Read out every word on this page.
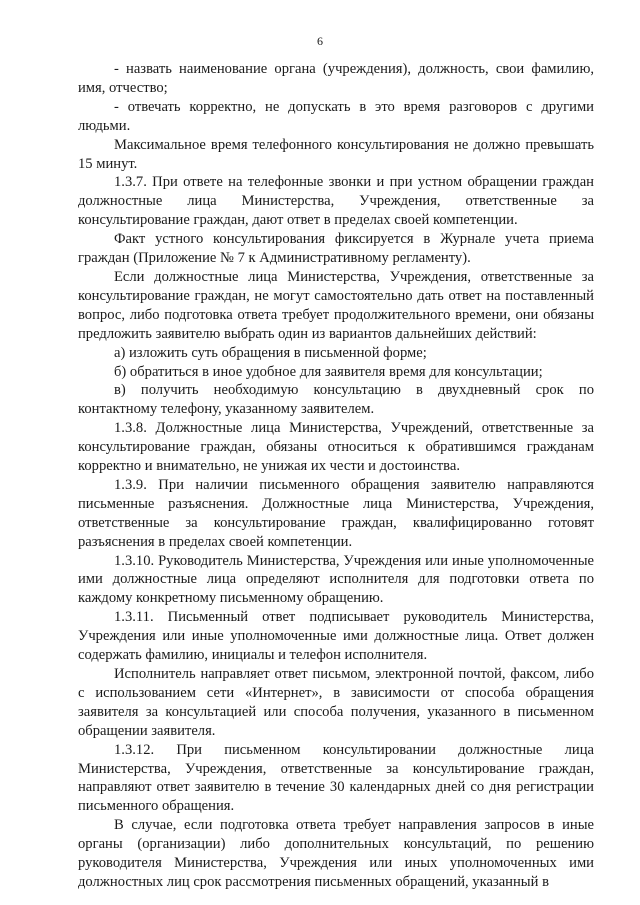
6

- назвать наименование органа (учреждения), должность, свои фамилию, имя, отчество;

- отвечать корректно, не допускать в это время разговоров с другими людьми.

Максимальное время телефонного консультирования не должно превышать 15 минут.

1.3.7. При ответе на телефонные звонки и при устном обращении граждан должностные лица Министерства, Учреждения, ответственные за консультирование граждан, дают ответ в пределах своей компетенции.

Факт устного консультирования фиксируется в Журнале учета приема граждан (Приложение № 7 к Административному регламенту).

Если должностные лица Министерства, Учреждения, ответственные за консультирование граждан, не могут самостоятельно дать ответ на поставленный вопрос, либо подготовка ответа требует продолжительного времени, они обязаны предложить заявителю выбрать один из вариантов дальнейших действий:

а) изложить суть обращения в письменной форме;

б) обратиться в иное удобное для заявителя время для консультации;

в) получить необходимую консультацию в двухдневный срок по контактному телефону, указанному заявителем.

1.3.8. Должностные лица Министерства, Учреждений, ответственные за консультирование граждан, обязаны относиться к обратившимся гражданам корректно и внимательно, не унижая их чести и достоинства.

1.3.9. При наличии письменного обращения заявителю направляются письменные разъяснения. Должностные лица Министерства, Учреждения, ответственные за консультирование граждан, квалифицированно готовят разъяснения в пределах своей компетенции.

1.3.10. Руководитель Министерства, Учреждения или иные уполномоченные ими должностные лица определяют исполнителя для подготовки ответа по каждому конкретному письменному обращению.

1.3.11. Письменный ответ подписывает руководитель Министерства, Учреждения или иные уполномоченные ими должностные лица. Ответ должен содержать фамилию, инициалы и телефон исполнителя.

Исполнитель направляет ответ письмом, электронной почтой, факсом, либо с использованием сети «Интернет», в зависимости от способа обращения заявителя за консультацией или способа получения, указанного в письменном обращении заявителя.

1.3.12. При письменном консультировании должностные лица Министерства, Учреждения, ответственные за консультирование граждан, направляют ответ заявителю в течение 30 календарных дней со дня регистрации письменного обращения.

В случае, если подготовка ответа требует направления запросов в иные органы (организации) либо дополнительных консультаций, по решению руководителя Министерства, Учреждения или иных уполномоченных ими должностных лиц срок рассмотрения письменных обращений, указанный в
